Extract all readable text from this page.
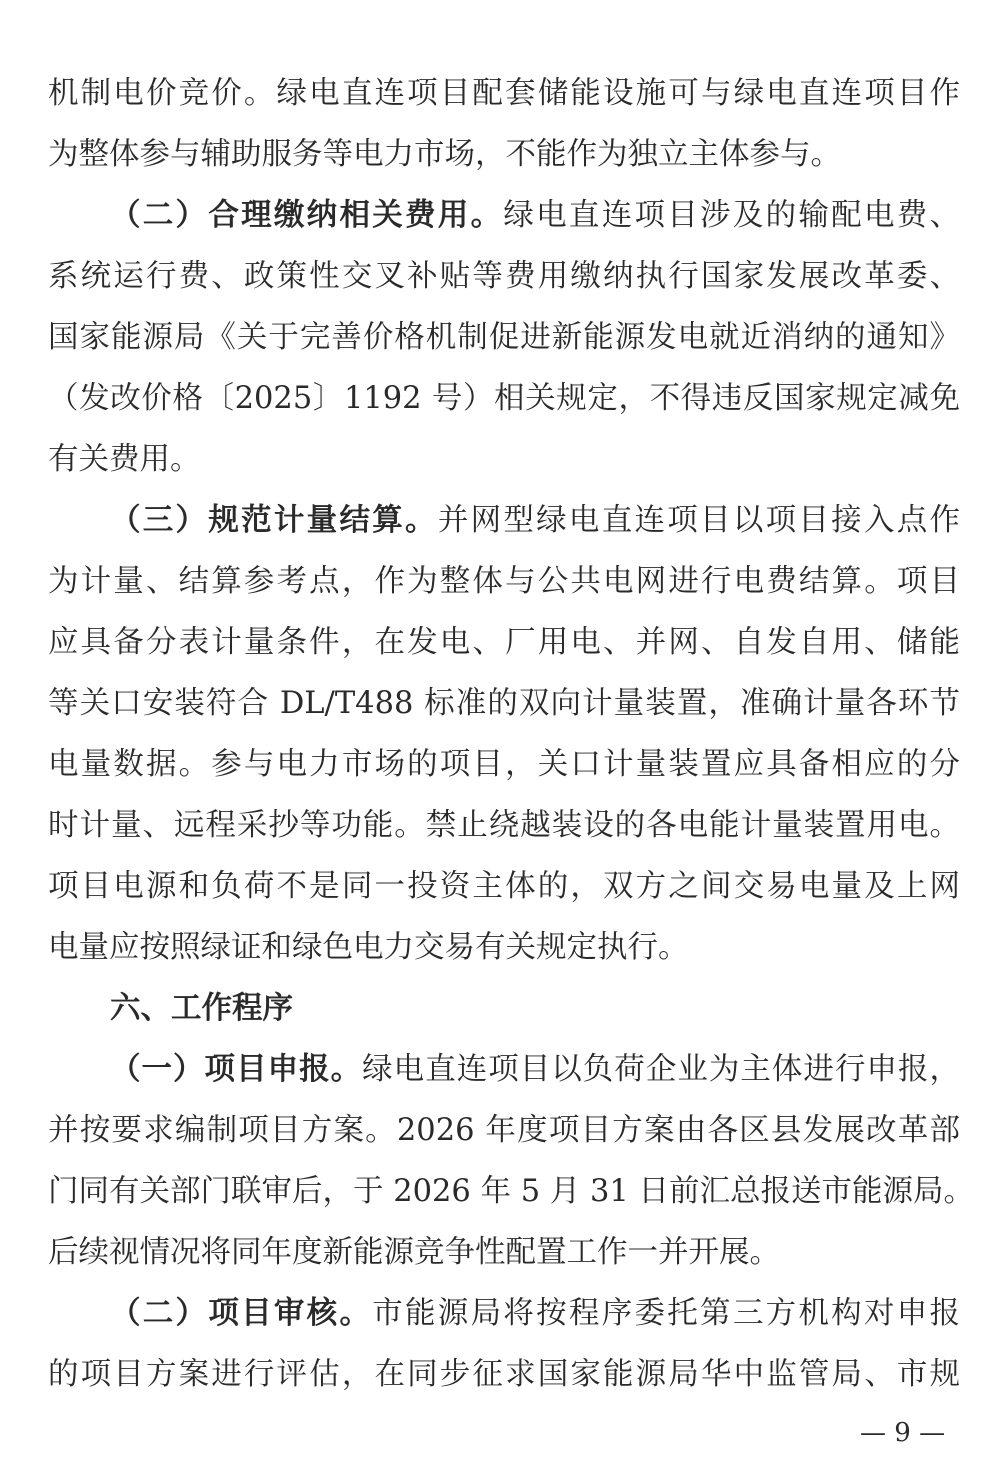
机制电价竞价。绿电直连项目配套储能设施可与绿电直连项目作
为整体参与辅助服务等电力市场，不能作为独立主体参与。
（二）合理缴纳相关费用。绿电直连项目涉及的输配电费、
系统运行费、政策性交叉补贴等费用缴纳执行国家发展改革委、
国家能源局《关于完善价格机制促进新能源发电就近消纳的通知》
（发改价格〔2025〕1192 号）相关规定，不得违反国家规定减免
有关费用。
（三）规范计量结算。并网型绿电直连项目以项目接入点作
为计量、结算参考点，作为整体与公共电网进行电费结算。项目
应具备分表计量条件，在发电、厂用电、并网、自发自用、储能
等关口安装符合 DL/T488 标准的双向计量装置，准确计量各环节
电量数据。参与电力市场的项目，关口计量装置应具备相应的分
时计量、远程采抄等功能。禁止绕越装设的各电能计量装置用电。
项目电源和负荷不是同一投资主体的，双方之间交易电量及上网
电量应按照绿证和绿色电力交易有关规定执行。
六、工作程序
（一）项目申报。绿电直连项目以负荷企业为主体进行申报，
并按要求编制项目方案。2026 年度项目方案由各区县发展改革部
门同有关部门联审后，于 2026 年 5 月 31 日前汇总报送市能源局。
后续视情况将同年度新能源竞争性配置工作一并开展。
（二）项目审核。市能源局将按程序委托第三方机构对申报
的项目方案进行评估，在同步征求国家能源局华中监管局、市规
— 9 —
